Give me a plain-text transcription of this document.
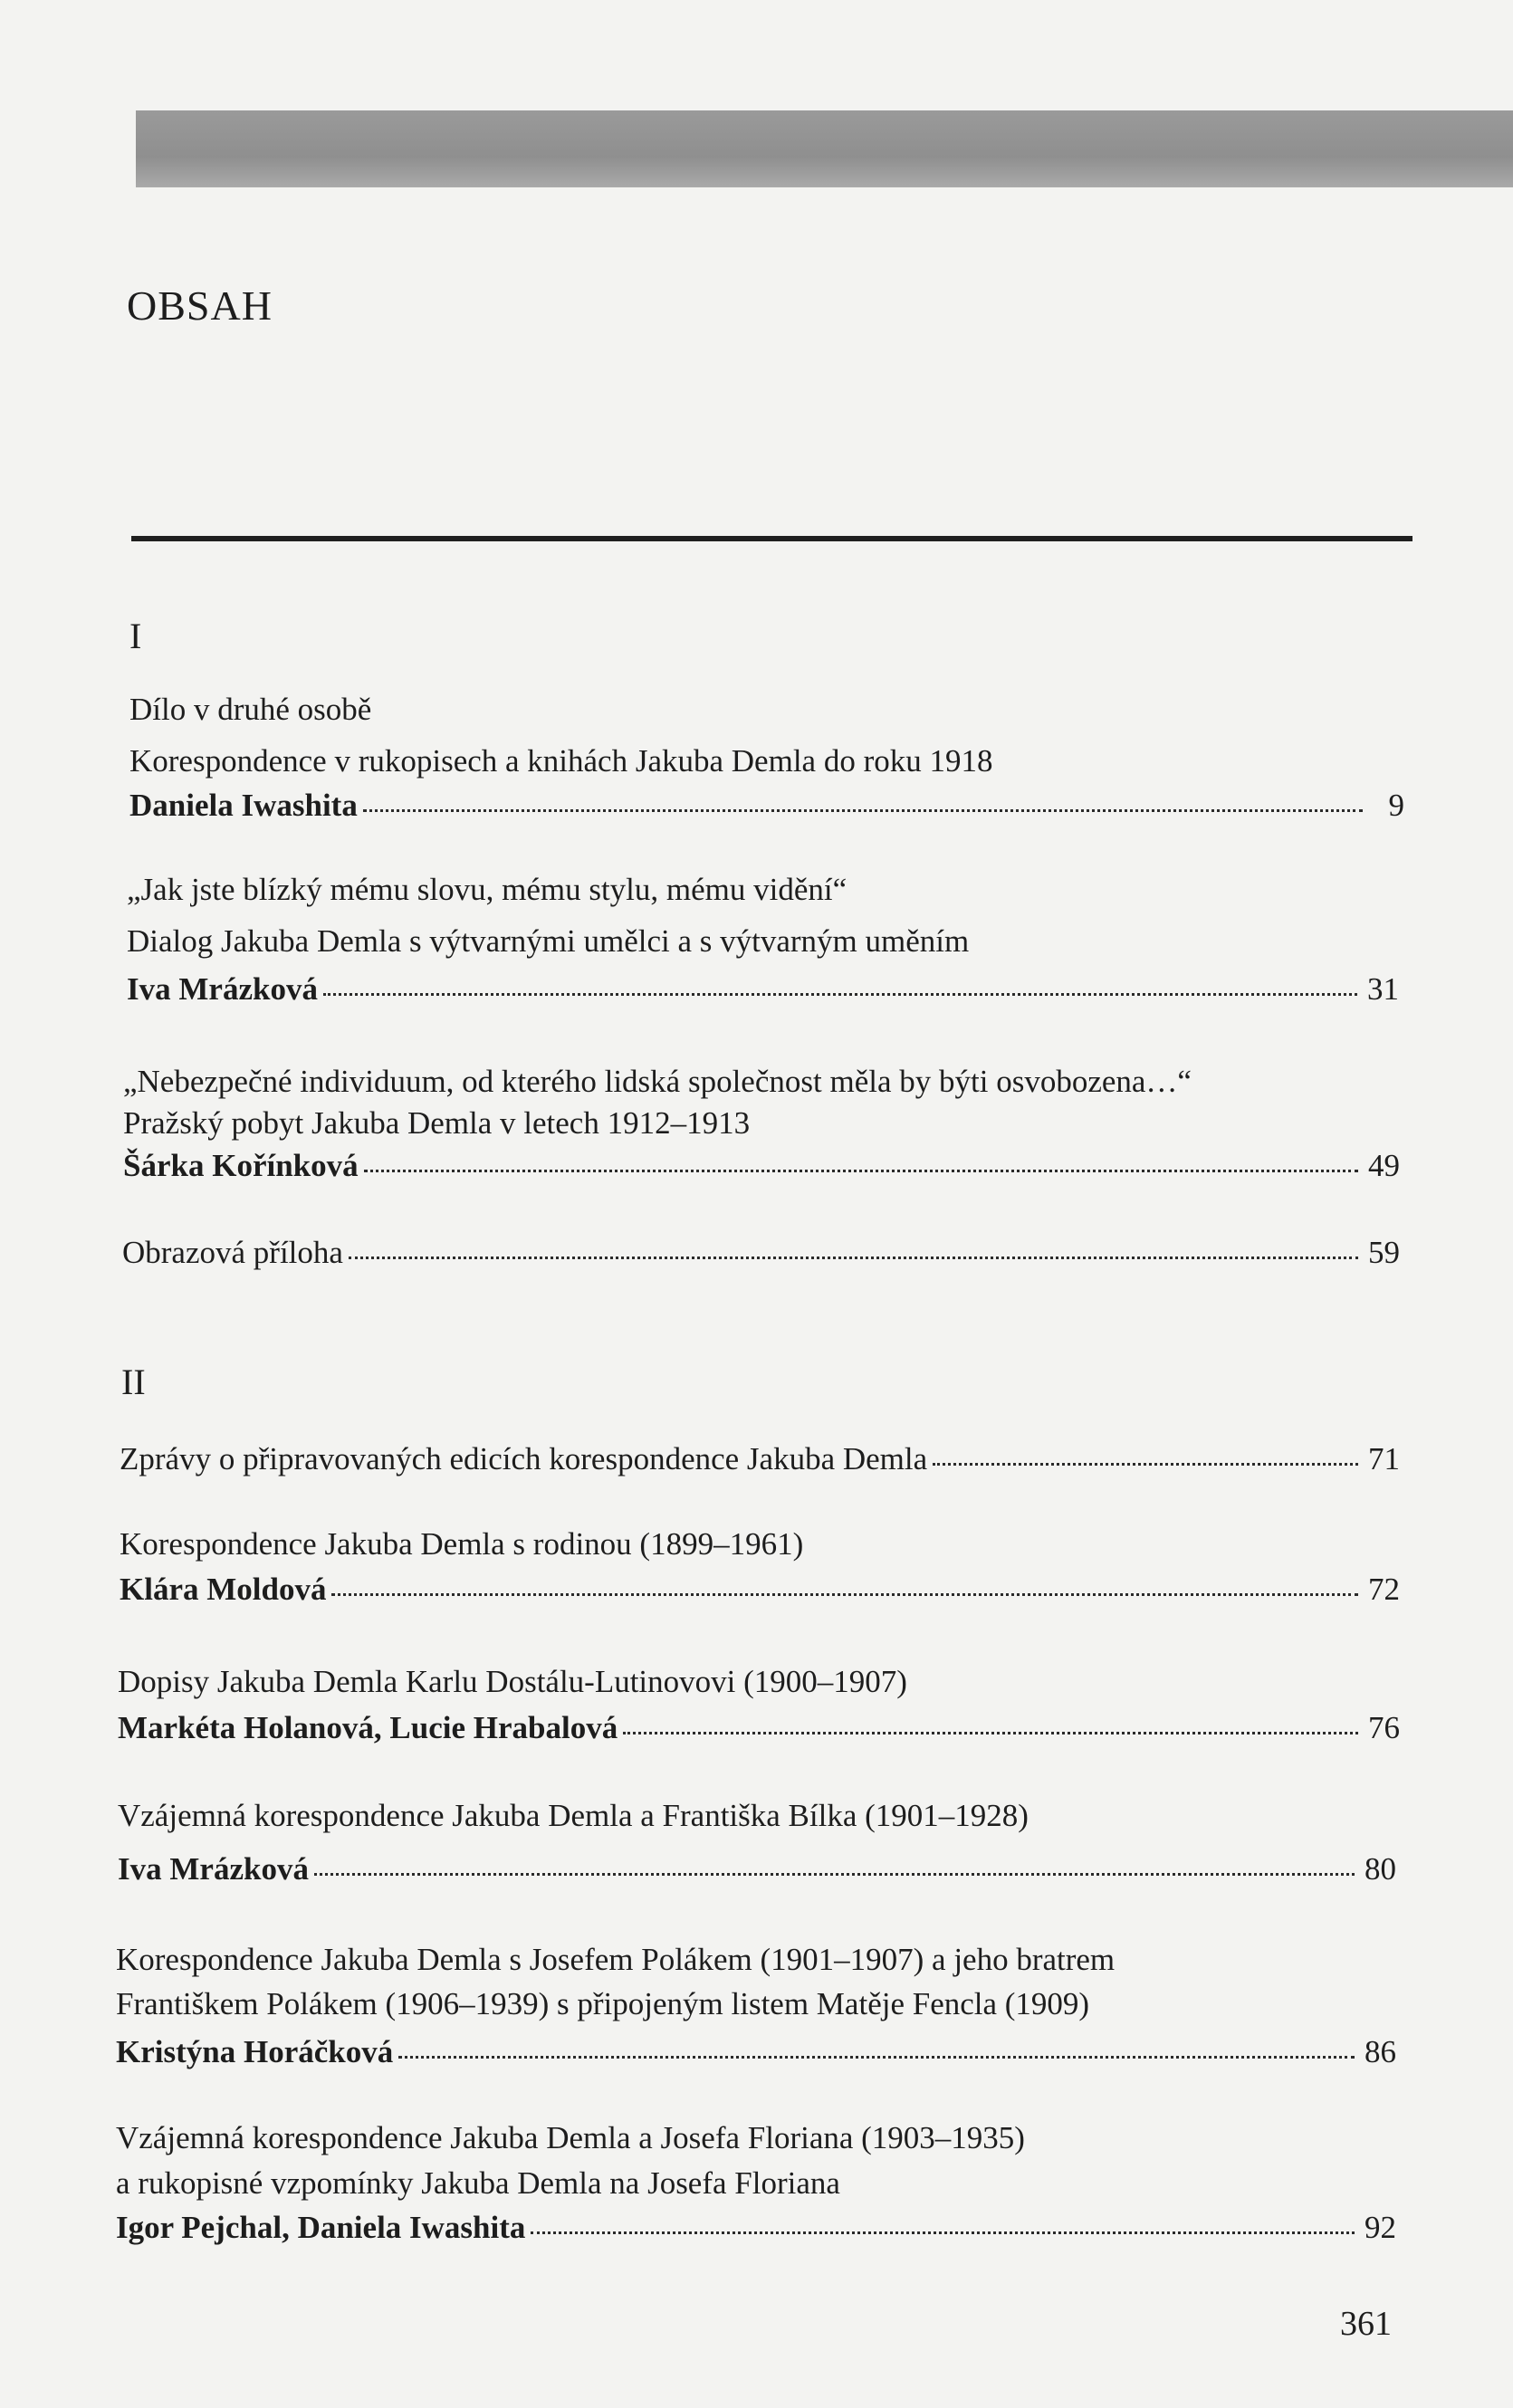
OBSAH

I

Dílo v druhé osobě
Korespondence v rukopisech a knihách Jakuba Demla do roku 1918
Daniela Iwashita	9
„Jak jste blízký mému slovu, mému stylu, mému vidění“
Dialog Jakuba Demla s výtvarnými umělci a s výtvarným uměním
Iva Mrázková	31
„Nebezpečné individuum, od kterého lidská společnost měla by býti osvobozena…“
Pražský pobyt Jakuba Demla v letech 1912–1913
Šárka Kořínková	49
Obrazová příloha	59

II

Zprávy o připravovaných edicích korespondence Jakuba Demla	71
Korespondence Jakuba Demla s rodinou (1899–1961)
Klára Moldová	72
Dopisy Jakuba Demla Karlu Dostálu-Lutinovovi (1900–1907)
Markéta Holanová, Lucie Hrabalová	76
Vzájemná korespondence Jakuba Demla a Františka Bílka (1901–1928)
Iva Mrázková	80
Korespondence Jakuba Demla s Josefem Polákem (1901–1907) a jeho bratrem
Františkem Polákem (1906–1939) s připojeným listem Matěje Fencla (1909)
Kristýna Horáčková	86
Vzájemná korespondence Jakuba Demla a Josefa Floriana (1903–1935)
a rukopisné vzpomínky Jakuba Demla na Josefa Floriana
Igor Pejchal, Daniela Iwashita	92
361
